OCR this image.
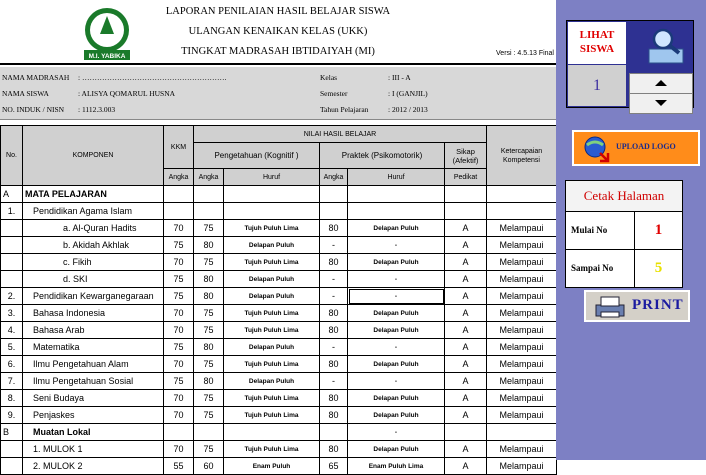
M.I. YABIKA
LAPORAN PENILAIAN HASIL BELAJAR SISWA
ULANGAN KENAIKAN KELAS (UKK)
TINGKAT MADRASAH IBTIDAIYAH (MI)	Versi : 4.5.13 Final
NAMA MADRASAH : ………………………………………………….
NAMA SISWA	: ALISYA QOMARUL HUSNA
NO. INDUK / NISN : 1112.3.003
Kelas	: III - A
Semester	: I (GANJIL)
Tahun Pelajaran	: 2012 / 2013
No.	KOMPONEN	KKM	NILAI HASIL BELAJAR					Ketercapaian Kompetensi
			Pengetahuan (Kognitif )		Praktek (Psikomotorik)		Sikap (Afektif)	
		Angka	Angka	Huruf	Angka	Huruf	Pedikat	
A	MATA PELAJARAN							
1.	Pendidikan Agama Islam							
	a. Al-Quran Hadits	70	75	Tujuh Puluh Lima	80	Delapan Puluh	A	Melampaui
	b. Akidah Akhlak	75	80	Delapan Puluh	-	-	A	Melampaui
	c. Fikih	70	75	Tujuh Puluh Lima	80	Delapan Puluh	A	Melampaui
	d. SKI	75	80	Delapan Puluh	-	-	A	Melampaui
2.	Pendidikan Kewarganegaraan	75	80	Delapan Puluh	-	-	A	Melampaui
3.	Bahasa Indonesia	70	75	Tujuh Puluh Lima	80	Delapan Puluh	A	Melampaui
4.	Bahasa Arab	70	75	Tujuh Puluh Lima	80	Delapan Puluh	A	Melampaui
5.	Matematika	75	80	Delapan Puluh	-	-	A	Melampaui
6.	Ilmu Pengetahuan Alam	70	75	Tujuh Puluh Lima	80	Delapan Puluh	A	Melampaui
7.	Ilmu Pengetahuan Sosial	75	80	Delapan Puluh	-	-	A	Melampaui
8.	Seni Budaya	70	75	Tujuh Puluh Lima	80	Delapan Puluh	A	Melampaui
9.	Penjaskes	70	75	Tujuh Puluh Lima	80	Delapan Puluh	A	Melampaui
B	Muatan Lokal					-		
	1. MULOK 1	70	75	Tujuh Puluh Lima	80	Delapan Puluh	A	Melampaui
	2. MULOK 2	55	60	Enam Puluh	65	Enam Puluh Lima	A	Melampaui
LIHAT SISWA
1
UPLOAD LOGO
Cetak Halaman
Mulai No	1
Sampai No	5
PRINT
